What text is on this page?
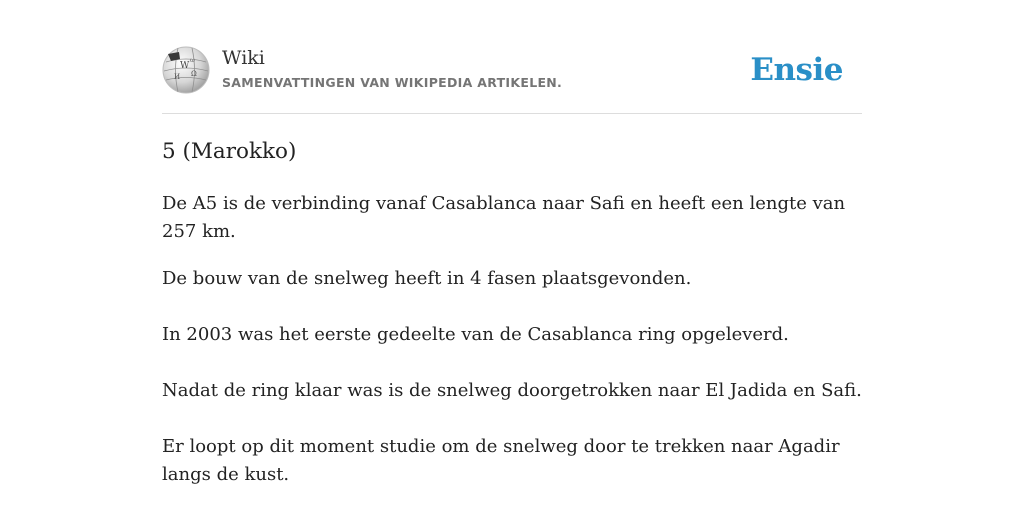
W
Ω
И
ω Wiki
SAMENVATTINGEN VAN WIKIPEDIA ARTIKELEN.	Ensie
5 (Marokko)

De A5 is de verbinding vanaf Casablanca naar Safi en heeft een lengte van 257 km.

De bouw van de snelweg heeft in 4 fasen plaatsgevonden.

In 2003 was het eerste gedeelte van de Casablanca ring opgeleverd.

Nadat de ring klaar was is de snelweg doorgetrokken naar El Jadida en Safi.

Er loopt op dit moment studie om de snelweg door te trekken naar Agadir langs de kust.
